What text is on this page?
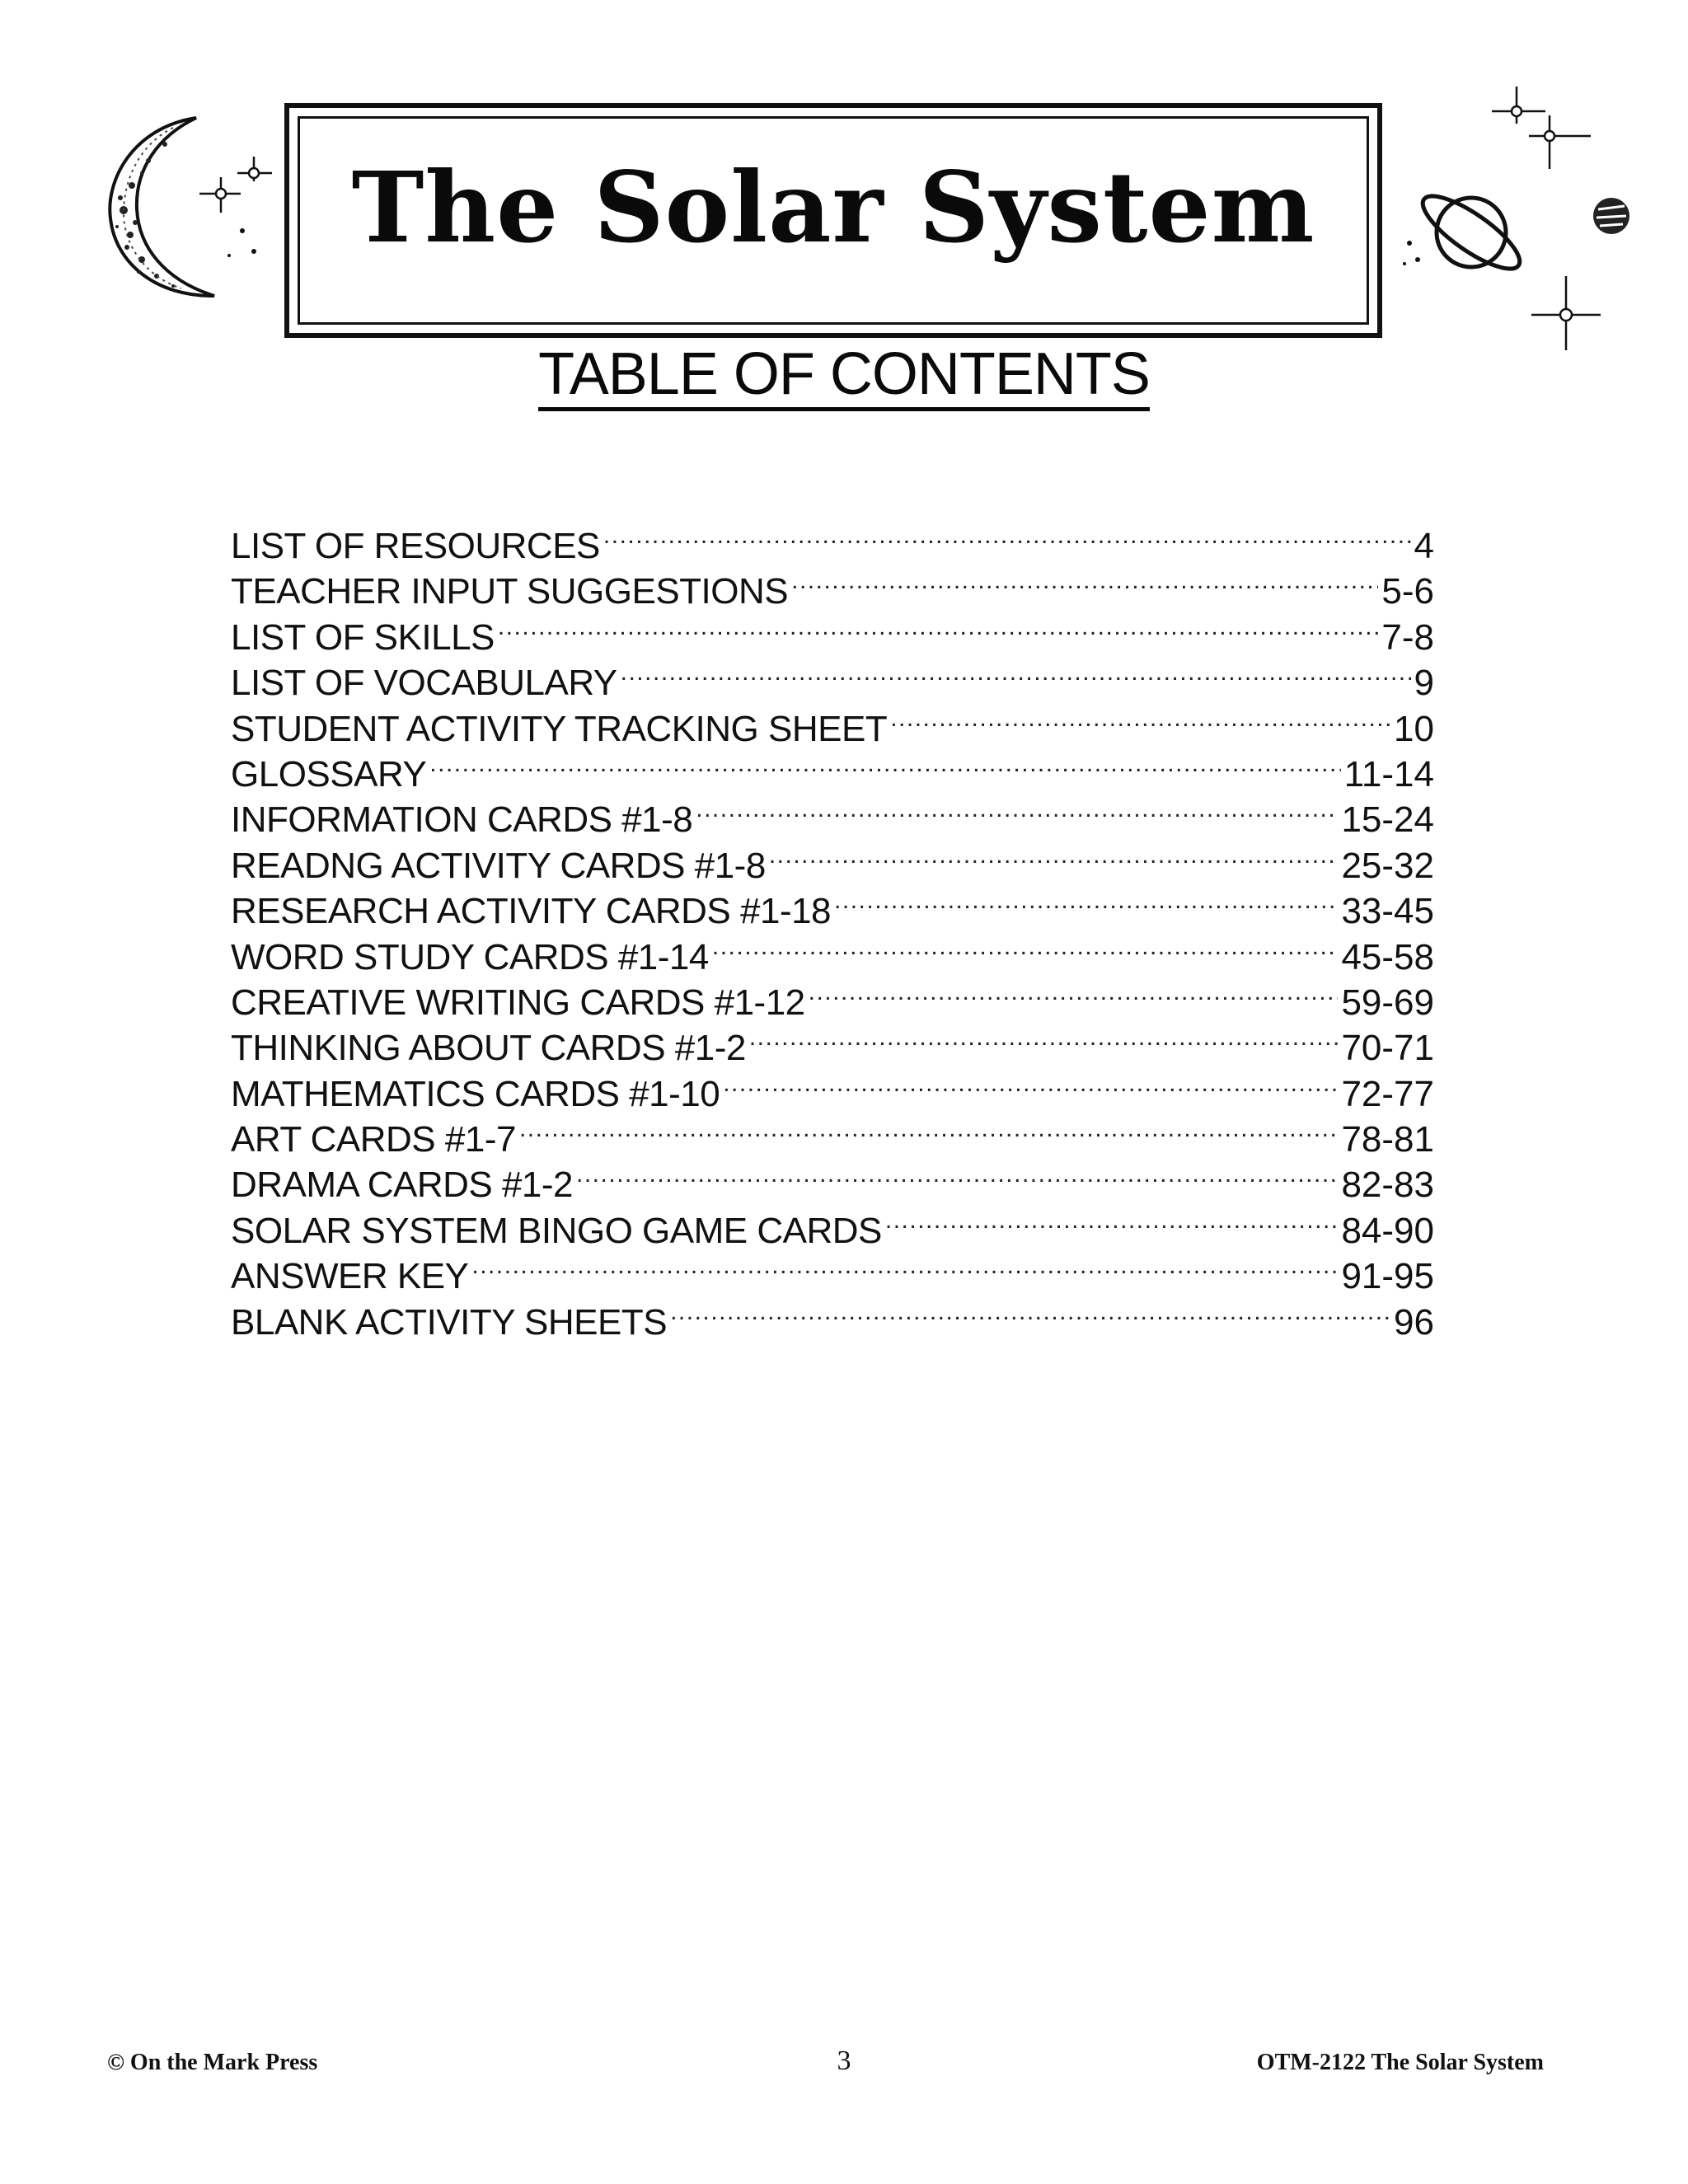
The Solar System
TABLE OF CONTENTS
LIST OF RESOURCES .....	4
TEACHER INPUT SUGGESTIONS .....	5-6
LIST OF SKILLS .....	7-8
LIST OF VOCABULARY .....	9
STUDENT ACTIVITY TRACKING SHEET .....	10
GLOSSARY .....	11-14
INFORMATION CARDS #1-8 .....	15-24
READNG ACTIVITY CARDS #1-8 .....	25-32
RESEARCH ACTIVITY CARDS #1-18 .....	33-45
WORD STUDY CARDS #1-14 .....	45-58
CREATIVE WRITING CARDS #1-12 .....	59-69
THINKING ABOUT CARDS #1-2 .....	70-71
MATHEMATICS CARDS #1-10 .....	72-77
ART CARDS #1-7 .....	78-81
DRAMA CARDS #1-2 .....	82-83
SOLAR SYSTEM BINGO GAME CARDS .....	84-90
ANSWER KEY .....	91-95
BLANK ACTIVITY SHEETS .....	96
© On the Mark Press	3	OTM-2122 The Solar System
